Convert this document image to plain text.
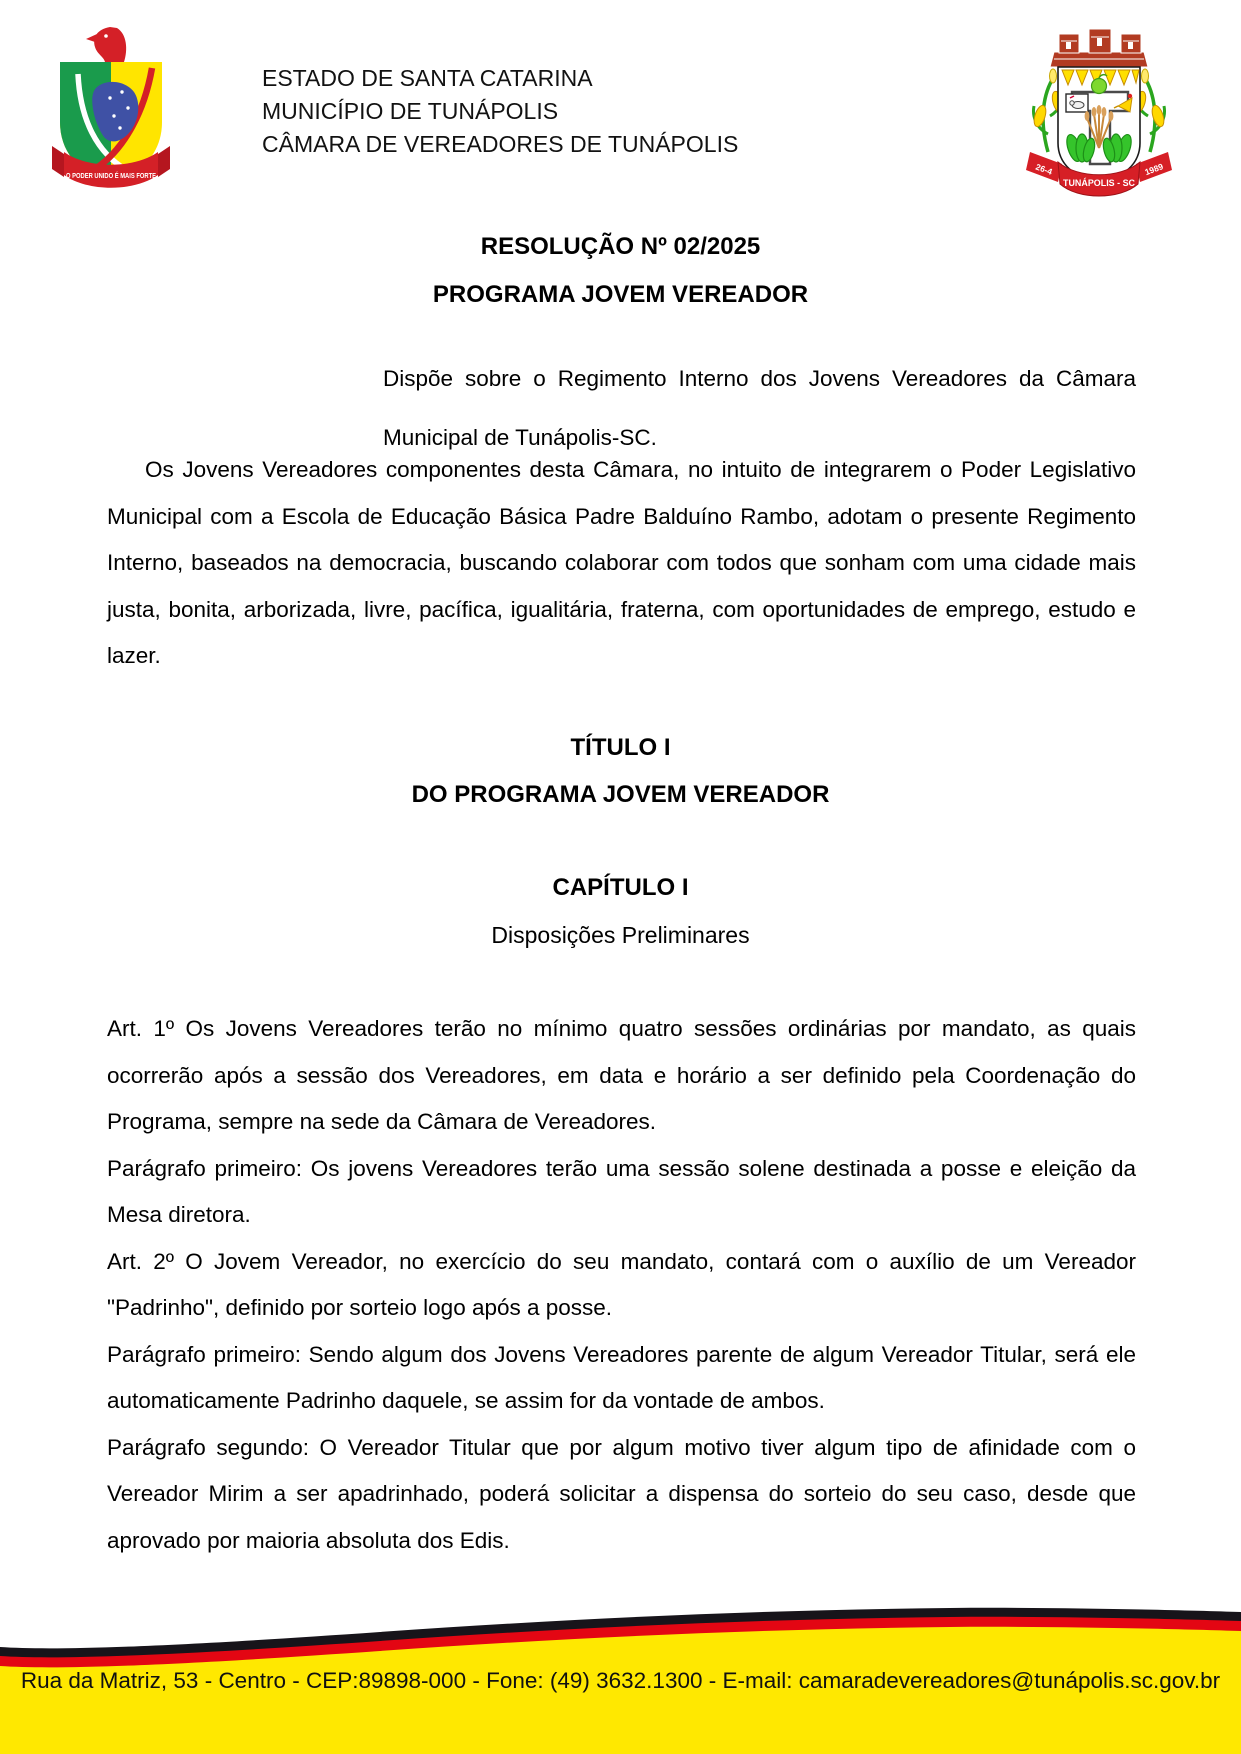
O PODER UNIDO É MAIS FORTE
ESTADO DE SANTA CATARINA
MUNICÍPIO DE TUNÁPOLIS
CÂMARA DE VEREADORES DE TUNÁPOLIS
26-4	1989
TUNÁPOLIS - SC
RESOLUÇÃO Nº 02/2025
PROGRAMA JOVEM VEREADOR
Dispõe sobre o Regimento Interno dos Jovens Vereadores da Câmara Municipal de Tunápolis-SC.
Os Jovens Vereadores componentes desta Câmara, no intuito de integrarem o Poder Legislativo Municipal com a Escola de Educação Básica Padre Balduíno Rambo, adotam o presente Regimento Interno, baseados na democracia, buscando colaborar com todos que sonham com uma cidade mais justa, bonita, arborizada, livre, pacífica, igualitária, fraterna, com oportunidades de emprego, estudo e lazer.
TÍTULO I
DO PROGRAMA JOVEM VEREADOR
CAPÍTULO I
Disposições Preliminares

Art. 1º Os Jovens Vereadores terão no mínimo quatro sessões ordinárias por mandato, as quais ocorrerão após a sessão dos Vereadores, em data e horário a ser definido pela Coordenação do Programa, sempre na sede da Câmara de Vereadores.

Parágrafo primeiro: Os jovens Vereadores terão uma sessão solene destinada a posse e eleição da Mesa diretora.

Art. 2º O Jovem Vereador, no exercício do seu mandato, contará com o auxílio de um Vereador "Padrinho", definido por sorteio logo após a posse.

Parágrafo primeiro: Sendo algum dos Jovens Vereadores parente de algum Vereador Titular, será ele automaticamente Padrinho daquele, se assim for da vontade de ambos.

Parágrafo segundo: O Vereador Titular que por algum motivo tiver algum tipo de afinidade com o Vereador Mirim a ser apadrinhado, poderá solicitar a dispensa do sorteio do seu caso, desde que aprovado por maioria absoluta dos Edis.

Rua da Matriz, 53 - Centro - CEP:89898-000 - Fone: (49) 3632.1300 - E-mail: camaradevereadores@tunápolis.sc.gov.br
